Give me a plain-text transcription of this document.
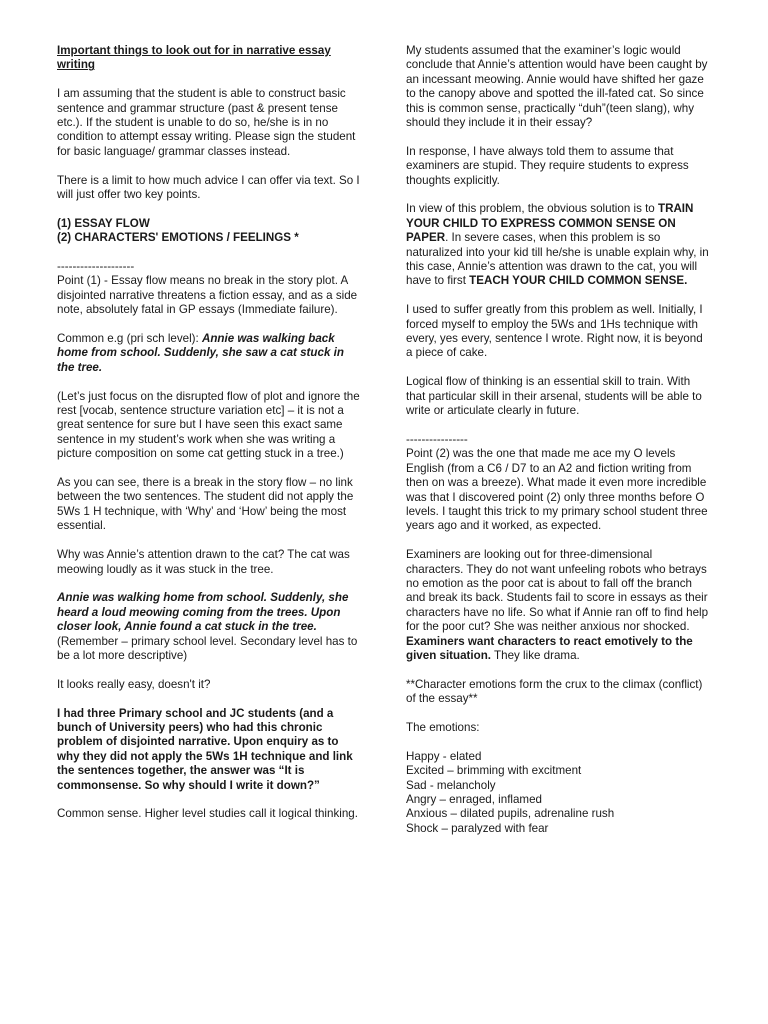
Important things to look out for in narrative essay writing

I am assuming that the student is able to construct basic sentence and grammar structure (past & present tense etc.). If the student is unable to do so, he/she is in no condition to attempt essay writing. Please sign the student for basic language/ grammar classes instead.

There is a limit to how much advice I can offer via text. So I will just offer two key points.

(1) ESSAY FLOW

(2) CHARACTERS' EMOTIONS / FEELINGS *

--------------------

Point (1) - Essay flow means no break in the story plot. A disjointed narrative threatens a fiction essay, and as a side note, absolutely fatal in GP essays (Immediate failure).

Common e.g (pri sch level): Annie was walking back home from school. Suddenly, she saw a cat stuck in the tree.

(Let’s just focus on the disrupted flow of plot and ignore the rest [vocab, sentence structure variation etc] – it is not a great sentence for sure but I have seen this exact same sentence in my student’s work when she was writing a picture composition on some cat getting stuck in a tree.)

As you can see, there is a break in the story flow – no link between the two sentences. The student did not apply the 5Ws 1 H technique, with ‘Why’ and ‘How’ being the most essential.

Why was Annie’s attention drawn to the cat? The cat was meowing loudly as it was stuck in the tree.

Annie was walking home from school. Suddenly, she heard a loud meowing coming from the trees. Upon closer look, Annie found a cat stuck in the tree. (Remember – primary school level. Secondary level has to be a lot more descriptive)

It looks really easy, doesn't it?

I had three Primary school and JC students (and a bunch of University peers) who had this chronic problem of disjointed narrative. Upon enquiry as to why they did not apply the 5Ws 1H technique and link the sentences together, the answer was “It is commonsense. So why should I write it down?”

Common sense. Higher level studies call it logical thinking.

My students assumed that the examiner’s logic would conclude that Annie’s attention would have been caught by an incessant meowing. Annie would have shifted her gaze to the canopy above and spotted the ill-fated cat. So since this is common sense, practically “duh”(teen slang), why should they include it in their essay?

In response, I have always told them to assume that examiners are stupid. They require students to express thoughts explicitly.

In view of this problem, the obvious solution is to TRAIN YOUR CHILD TO EXPRESS COMMON SENSE ON PAPER. In severe cases, when this problem is so naturalized into your kid till he/she is unable explain why, in this case, Annie’s attention was drawn to the cat, you will have to first TEACH YOUR CHILD COMMON SENSE.

I used to suffer greatly from this problem as well. Initially, I forced myself to employ the 5Ws and 1Hs technique with every, yes every, sentence I wrote. Right now, it is beyond a piece of cake.

Logical flow of thinking is an essential skill to train. With that particular skill in their arsenal, students will be able to write or articulate clearly in future.

----------------

Point (2) was the one that made me ace my O levels English (from a C6 / D7 to an A2 and fiction writing from then on was a breeze). What made it even more incredible was that I discovered point (2) only three months before O levels. I taught this trick to my primary school student three years ago and it worked, as expected.

Examiners are looking out for three-dimensional characters. They do not want unfeeling robots who betrays no emotion as the poor cat is about to fall off the branch and break its back. Students fail to score in essays as their characters have no life. So what if Annie ran off to find help for the poor cut? She was neither anxious nor shocked. Examiners want characters to react emotively to the given situation. They like drama.

**Character emotions form the crux to the climax (conflict) of the essay**

The emotions:

Happy - elated
Excited – brimming with excitment
Sad - melancholy
Angry – enraged, inflamed
Anxious – dilated pupils, adrenaline rush
Shock – paralyzed with fear
